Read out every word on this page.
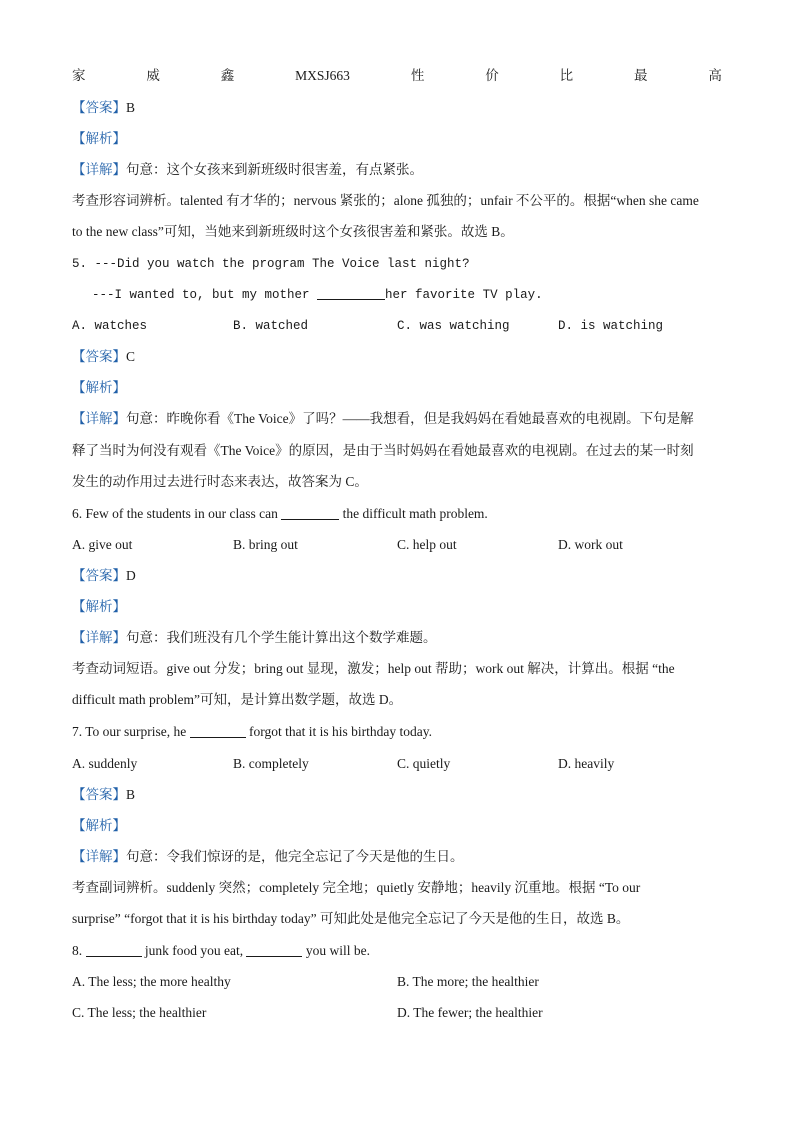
家	威	鑫	MXSJ663	性	价	比	最	高
【答案】B
【解析】
【详解】句意：这个女孩来到新班级时很害羞，有点紧张。
考查形容词辨析。talented 有才华的；nervous 紧张的；alone 孤独的；unfair 不公平的。根据“when she came
to the new class”可知，当她来到新班级时这个女孩很害羞和紧张。故选 B。
5. ---Did you watch the program The Voice last night?
---I wanted to, but my mother	her favorite TV play.
A. watches	B. watched	C. was watching	D. is watching
【答案】C
【解析】
【详解】句意：昨晚你看《The Voice》了吗？——我想看，但是我妈妈在看她最喜欢的电视剧。下句是解
释了当时为何没有观看《The Voice》的原因，是由于当时妈妈在看她最喜欢的电视剧。在过去的某一时刻
发生的动作用过去进行时态来表达，故答案为 C。
6. Few of the students in our class can	the difficult math problem.
A. give out	B. bring out	C. help out	D. work out
【答案】D
【解析】
【详解】句意：我们班没有几个学生能计算出这个数学难题。
考查动词短语。give out 分发；bring out 显现，激发；help out 帮助；work out 解决，计算出。根据 “the
difficult math problem”可知，是计算出数学题，故选 D。
7. To our surprise, he	forgot that it is his birthday today.
A. suddenly	B. completely	C. quietly	D. heavily
【答案】B
【解析】
【详解】句意：令我们惊讶的是，他完全忘记了今天是他的生日。
考查副词辨析。suddenly 突然；completely 完全地；quietly 安静地；heavily 沉重地。根据 “To our
surprise” “forgot that it is his birthday today” 可知此处是他完全忘记了今天是他的生日，故选 B。
8.	junk food you eat,	you will be.
A. The less; the more healthy	B. The more; the healthier
C. The less; the healthier	D. The fewer; the healthier
